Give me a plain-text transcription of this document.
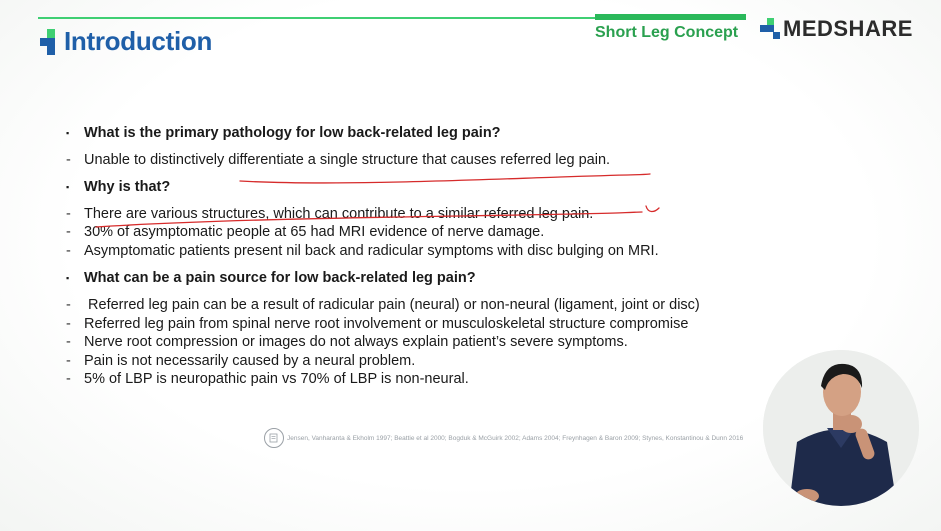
Introduction	Short Leg Concept MEDSHARE
▪	What is the primary pathology for low back-related leg pain?
- Unable to distinctively differentiate a single structure that causes referred leg pain.
▪	Why is that?
- There are various structures, which can contribute to a similar referred leg pain.
- 30% of asymptomatic people at 65 had MRI evidence of nerve damage.
- Asymptomatic patients present nil back and radicular symptoms with disc bulging on MRI.
▪	What can be a pain source for low back-related leg pain?
- Referred leg pain can be a result of radicular pain (neural) or non-neural (ligament, joint or disc)
- Referred leg pain from spinal nerve root involvement or musculoskeletal structure compromise
- Nerve root compression or images do not always explain patient’s severe symptoms.
- Pain is not necessarily caused by a neural problem.
- 5% of LBP is neuropathic pain vs 70% of LBP is non-neural.
Jensen, Vanharanta & Ekholm 1997; Beattie et al 2000; Bogduk & McGuirk 2002; Adams 2004; Freynhagen & Baron 2009; Stynes, Konstantinou & Dunn 2016
